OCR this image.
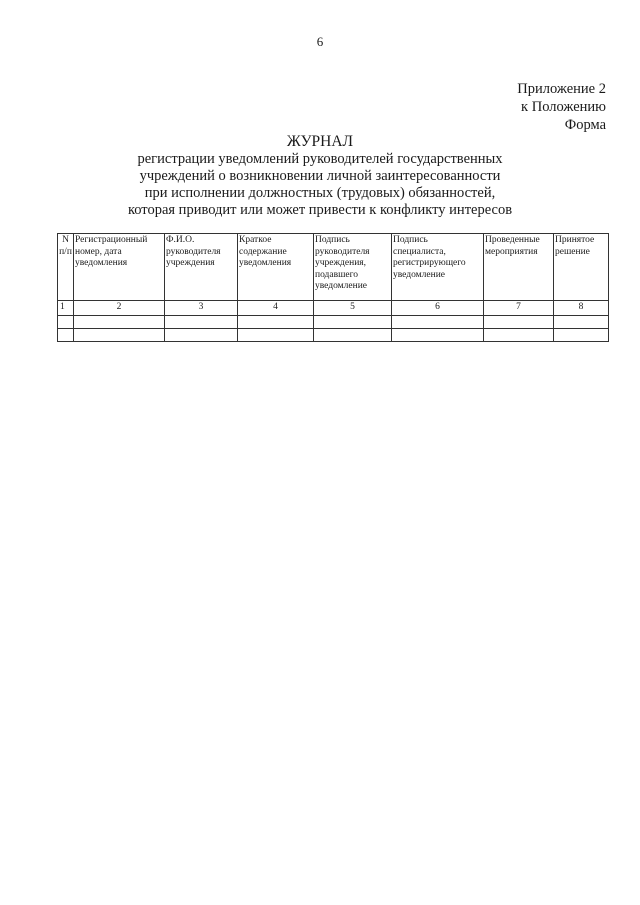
6
Приложение 2
к Положению
Форма
ЖУРНАЛ
регистрации уведомлений руководителей государственных
учреждений о возникновении личной заинтересованности
при исполнении должностных (трудовых) обязанностей,
которая приводит или может привести к конфликту интересов
N п/п	Регистрационный номер, дата уведомления	Ф.И.О. руководителя учреждения	Краткое содержание уведомления	Подпись руководителя учреждения, подавшего уведомление	Подпись специалиста, регистрирующего уведомление	Проведенные мероприятия	Принятое решение
1	2	3	4	5	6	7	8
